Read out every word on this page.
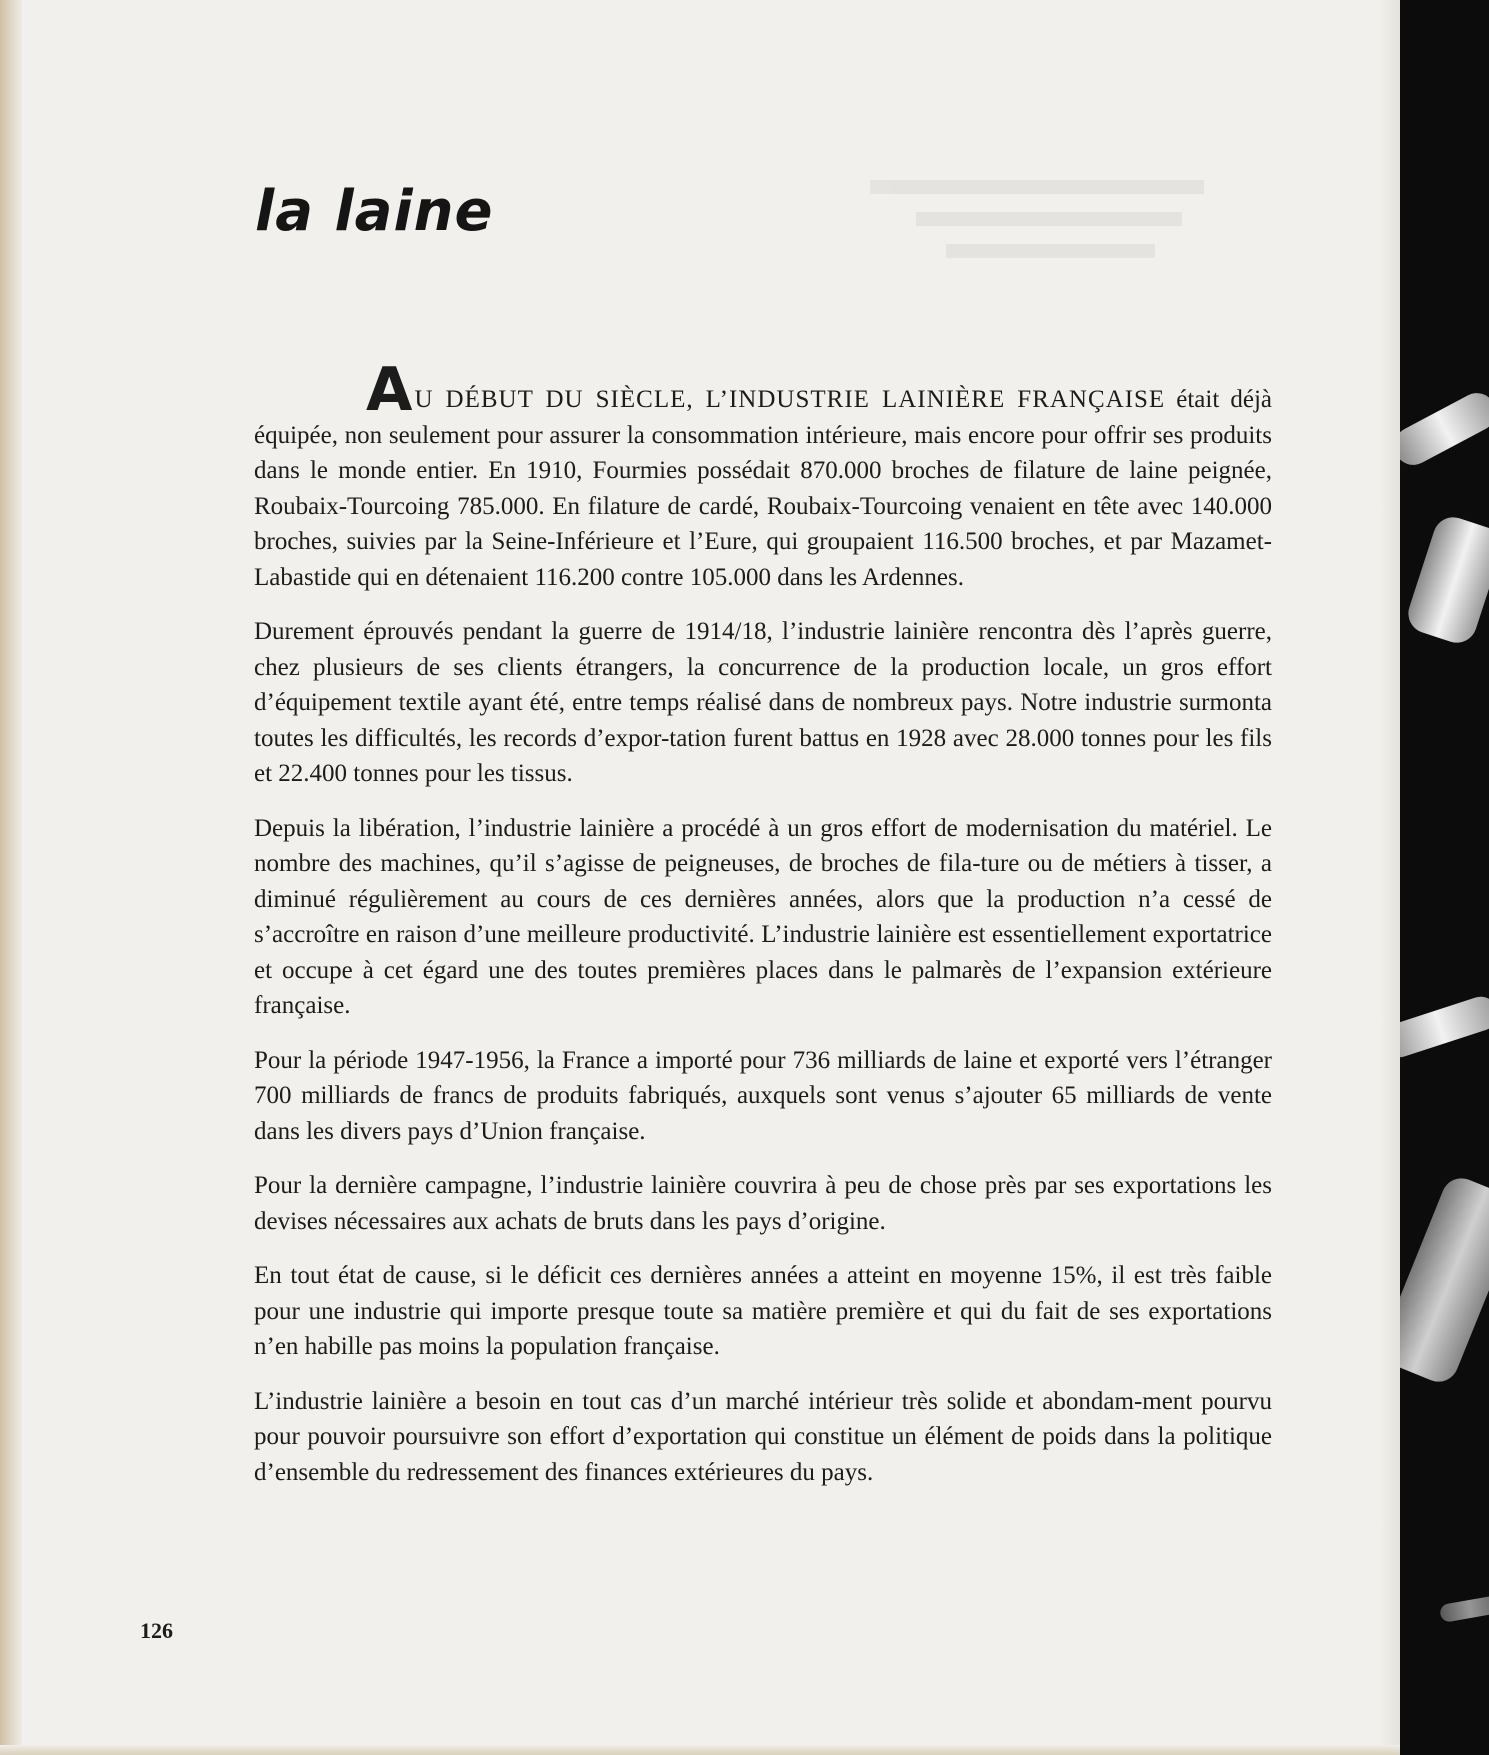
la laine

AU DÉBUT DU SIÈCLE, L’INDUSTRIE LAINIÈRE FRANÇAISE était déjà équipée, non seulement pour assurer la consommation intérieure, mais encore pour offrir ses produits dans le monde entier. En 1910, Fourmies possédait 870.000 broches de filature de laine peignée, Roubaix-Tourcoing 785.000. En filature de cardé, Roubaix-Tourcoing venaient en tête avec 140.000 broches, suivies par la Seine-Inférieure et l’Eure, qui groupaient 116.500 broches, et par Mazamet-Labastide qui en détenaient 116.200 contre 105.000 dans les Ardennes.

Durement éprouvés pendant la guerre de 1914/18, l’industrie lainière rencontra dès l’après guerre, chez plusieurs de ses clients étrangers, la concurrence de la production locale, un gros effort d’équipement textile ayant été, entre temps réalisé dans de nombreux pays. Notre industrie surmonta toutes les difficultés, les records d’expor-tation furent battus en 1928 avec 28.000 tonnes pour les fils et 22.400 tonnes pour les tissus.

Depuis la libération, l’industrie lainière a procédé à un gros effort de modernisation du matériel. Le nombre des machines, qu’il s’agisse de peigneuses, de broches de fila-ture ou de métiers à tisser, a diminué régulièrement au cours de ces dernières années, alors que la production n’a cessé de s’accroître en raison d’une meilleure productivité. L’industrie lainière est essentiellement exportatrice et occupe à cet égard une des toutes premières places dans le palmarès de l’expansion extérieure française.

Pour la période 1947-1956, la France a importé pour 736 milliards de laine et exporté vers l’étranger 700 milliards de francs de produits fabriqués, auxquels sont venus s’ajouter 65 milliards de vente dans les divers pays d’Union française.

Pour la dernière campagne, l’industrie lainière couvrira à peu de chose près par ses exportations les devises nécessaires aux achats de bruts dans les pays d’origine.

En tout état de cause, si le déficit ces dernières années a atteint en moyenne 15%, il est très faible pour une industrie qui importe presque toute sa matière première et qui du fait de ses exportations n’en habille pas moins la population française.

L’industrie lainière a besoin en tout cas d’un marché intérieur très solide et abondam-ment pourvu pour pouvoir poursuivre son effort d’exportation qui constitue un élément de poids dans la politique d’ensemble du redressement des finances extérieures du pays.

126
